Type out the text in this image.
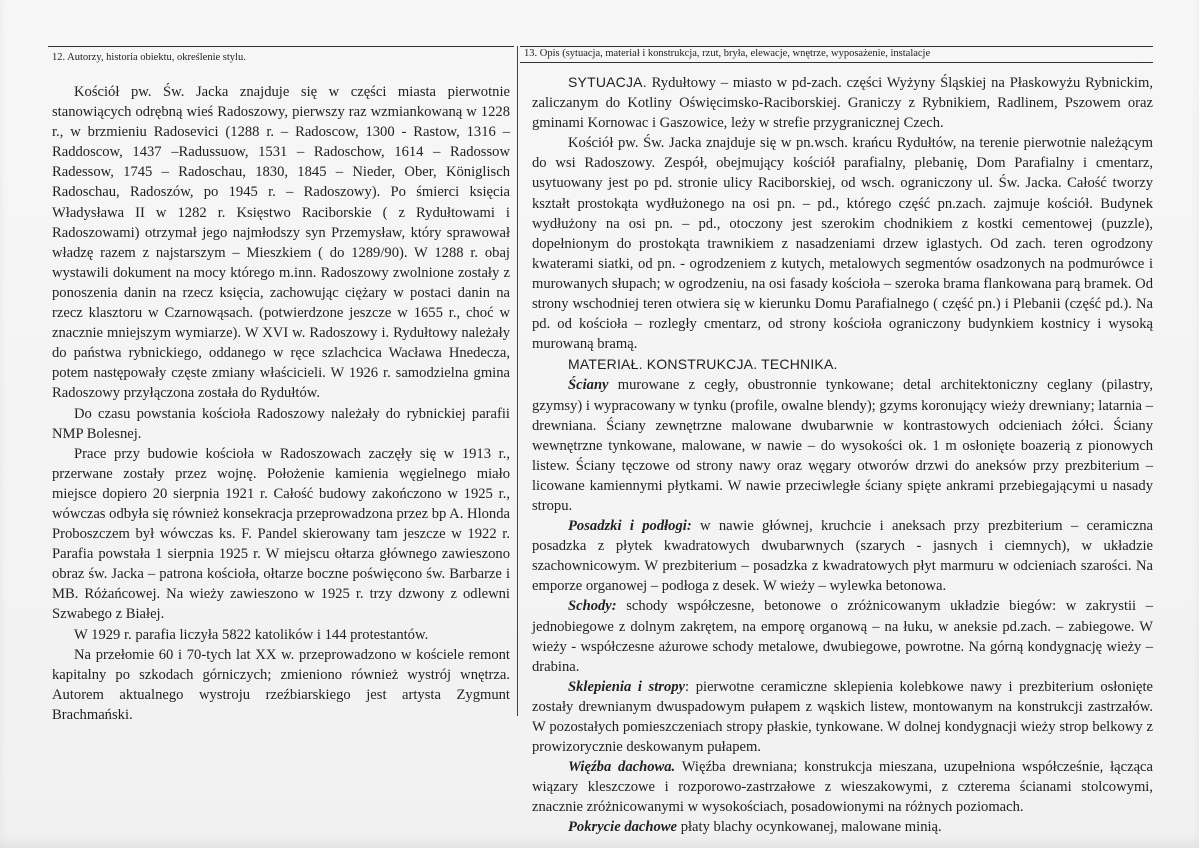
12. Autorzy, historia obiektu, określenie stylu.	13. Opis (sytuacja, materiał i konstrukcja, rzut, bryła, elewacje, wnętrze, wyposażenie, instalacje

Kościół pw. Św. Jacka znajduje się w części miasta pierwotnie stanowiących odrębną wieś Radoszowy, pierwszy raz wzmiankowaną w 1228 r., w brzmieniu Radosevici (1288 r. – Radoscow, 1300 - Rastow, 1316 –Raddoscow, 1437 –Radussuow, 1531 – Radoschow, 1614 – Radossow Radessow, 1745 – Radoschau, 1830, 1845 – Nieder, Ober, Königlisch Radoschau, Radoszów, po 1945 r. – Radoszowy). Po śmierci księcia Władysława II w 1282 r. Księstwo Raciborskie ( z Rydułtowami i Radoszowami) otrzymał jego najmłodszy syn Przemysław, który sprawował władzę razem z najstarszym – Mieszkiem ( do 1289/90). W 1288 r. obaj wystawili dokument na mocy którego m.inn. Radoszowy zwolnione zostały z ponoszenia danin na rzecz księcia, zachowując ciężary w postaci danin na rzecz klasztoru w Czarnowąsach. (potwierdzone jeszcze w 1655 r., choć w znacznie mniejszym wymiarze). W XVI w. Radoszowy i. Rydułtowy należały do państwa rybnickiego, oddanego w ręce szlachcica Wacława Hnedecza, potem następowały częste zmiany właścicieli. W 1926 r. samodzielna gmina Radoszowy przyłączona została do Rydułtów.

Do czasu powstania kościoła Radoszowy należały do rybnickiej parafii NMP Bolesnej.

Prace przy budowie kościoła w Radoszowach zaczęły się w 1913 r., przerwane zostały przez wojnę. Położenie kamienia węgielnego miało miejsce dopiero 20 sierpnia 1921 r. Całość budowy zakończono w 1925 r., wówczas odbyła się również konsekracja przeprowadzona przez bp A. Hlonda Proboszczem był wówczas ks. F. Pandel skierowany tam jeszcze w 1922 r. Parafia powstała 1 sierpnia 1925 r. W miejscu ołtarza głównego zawieszono obraz św. Jacka – patrona kościoła, ołtarze boczne poświęcono św. Barbarze i MB. Różańcowej. Na wieży zawieszono w 1925 r. trzy dzwony z odlewni Szwabego z Białej.

W 1929 r. parafia liczyła 5822 katolików i 144 protestantów.

Na przełomie 60 i 70-tych lat XX w. przeprowadzono w kościele remont kapitalny po szkodach górniczych; zmieniono również wystrój wnętrza. Autorem aktualnego wystroju rzeźbiarskiego jest artysta Zygmunt Brachmański.

SYTUACJA. Rydułtowy – miasto w pd-zach. części Wyżyny Śląskiej na Płaskowyżu Rybnickim, zaliczanym do Kotliny Oświęcimsko-Raciborskiej. Graniczy z Rybnikiem, Radlinem, Pszowem oraz gminami Kornowac i Gaszowice, leży w strefie przygranicznej Czech.

Kościół pw. Św. Jacka znajduje się w pn.wsch. krańcu Rydułtów, na terenie pierwotnie należącym do wsi Radoszowy. Zespół, obejmujący kościół parafialny, plebanię, Dom Parafialny i cmentarz, usytuowany jest po pd. stronie ulicy Raciborskiej, od wsch. ograniczony ul. Św. Jacka. Całość tworzy kształt prostokąta wydłużonego na osi pn. – pd., którego część pn.zach. zajmuje kościół. Budynek wydłużony na osi pn. – pd., otoczony jest szerokim chodnikiem z kostki cementowej (puzzle), dopełnionym do prostokąta trawnikiem z nasadzeniami drzew iglastych. Od zach. teren ogrodzony kwaterami siatki, od pn. - ogrodzeniem z kutych, metalowych segmentów osadzonych na podmurówce i murowanych słupach; w ogrodzeniu, na osi fasady kościoła – szeroka brama flankowana parą bramek. Od strony wschodniej teren otwiera się w kierunku Domu Parafialnego ( część pn.) i Plebanii (część pd.). Na pd. od kościoła – rozległy cmentarz, od strony kościoła ograniczony budynkiem kostnicy i wysoką murowaną bramą.

MATERIAŁ. KONSTRUKCJA. TECHNIKA.

Ściany murowane z cegły, obustronnie tynkowane; detal architektoniczny ceglany (pilastry, gzymsy) i wypracowany w tynku (profile, owalne blendy); gzyms koronujący wieży drewniany; latarnia – drewniana. Ściany zewnętrzne malowane dwubarwnie w kontrastowych odcieniach żółci. Ściany wewnętrzne tynkowane, malowane, w nawie – do wysokości ok. 1 m osłonięte boazerią z pionowych listew. Ściany tęczowe od strony nawy oraz węgary otworów drzwi do aneksów przy prezbiterium – licowane kamiennymi płytkami. W nawie przeciwległe ściany spięte ankrami przebiegającymi u nasady stropu.

Posadzki i podłogi: w nawie głównej, kruchcie i aneksach przy prezbiterium – ceramiczna posadzka z płytek kwadratowych dwubarwnych (szarych - jasnych i ciemnych), w układzie szachownicowym. W prezbiterium – posadzka z kwadratowych płyt marmuru w odcieniach szarości. Na emporze organowej – podłoga z desek. W wieży – wylewka betonowa.

Schody: schody współczesne, betonowe o zróżnicowanym układzie biegów: w zakrystii – jednobiegowe z dolnym zakrętem, na emporę organową – na łuku, w aneksie pd.zach. – zabiegowe. W wieży - współczesne ażurowe schody metalowe, dwubiegowe, powrotne. Na górną kondygnację wieży – drabina.

Sklepienia i stropy: pierwotne ceramiczne sklepienia kolebkowe nawy i prezbiterium osłonięte zostały drewnianym dwuspadowym pułapem z wąskich listew, montowanym na konstrukcji zastrzałów. W pozostałych pomieszczeniach stropy płaskie, tynkowane. W dolnej kondygnacji wieży strop belkowy z prowizorycznie deskowanym pułapem.

Więźba dachowa. Więźba drewniana; konstrukcja mieszana, uzupełniona współcześnie, łącząca wiązary kleszczowe i rozporowo-zastrzałowe z wieszakowymi, z czterema ścianami stolcowymi, znacznie zróżnicowanymi w wysokościach, posadowionymi na różnych poziomach.

Pokrycie dachowe płaty blachy ocynkowanej, malowane minią.
